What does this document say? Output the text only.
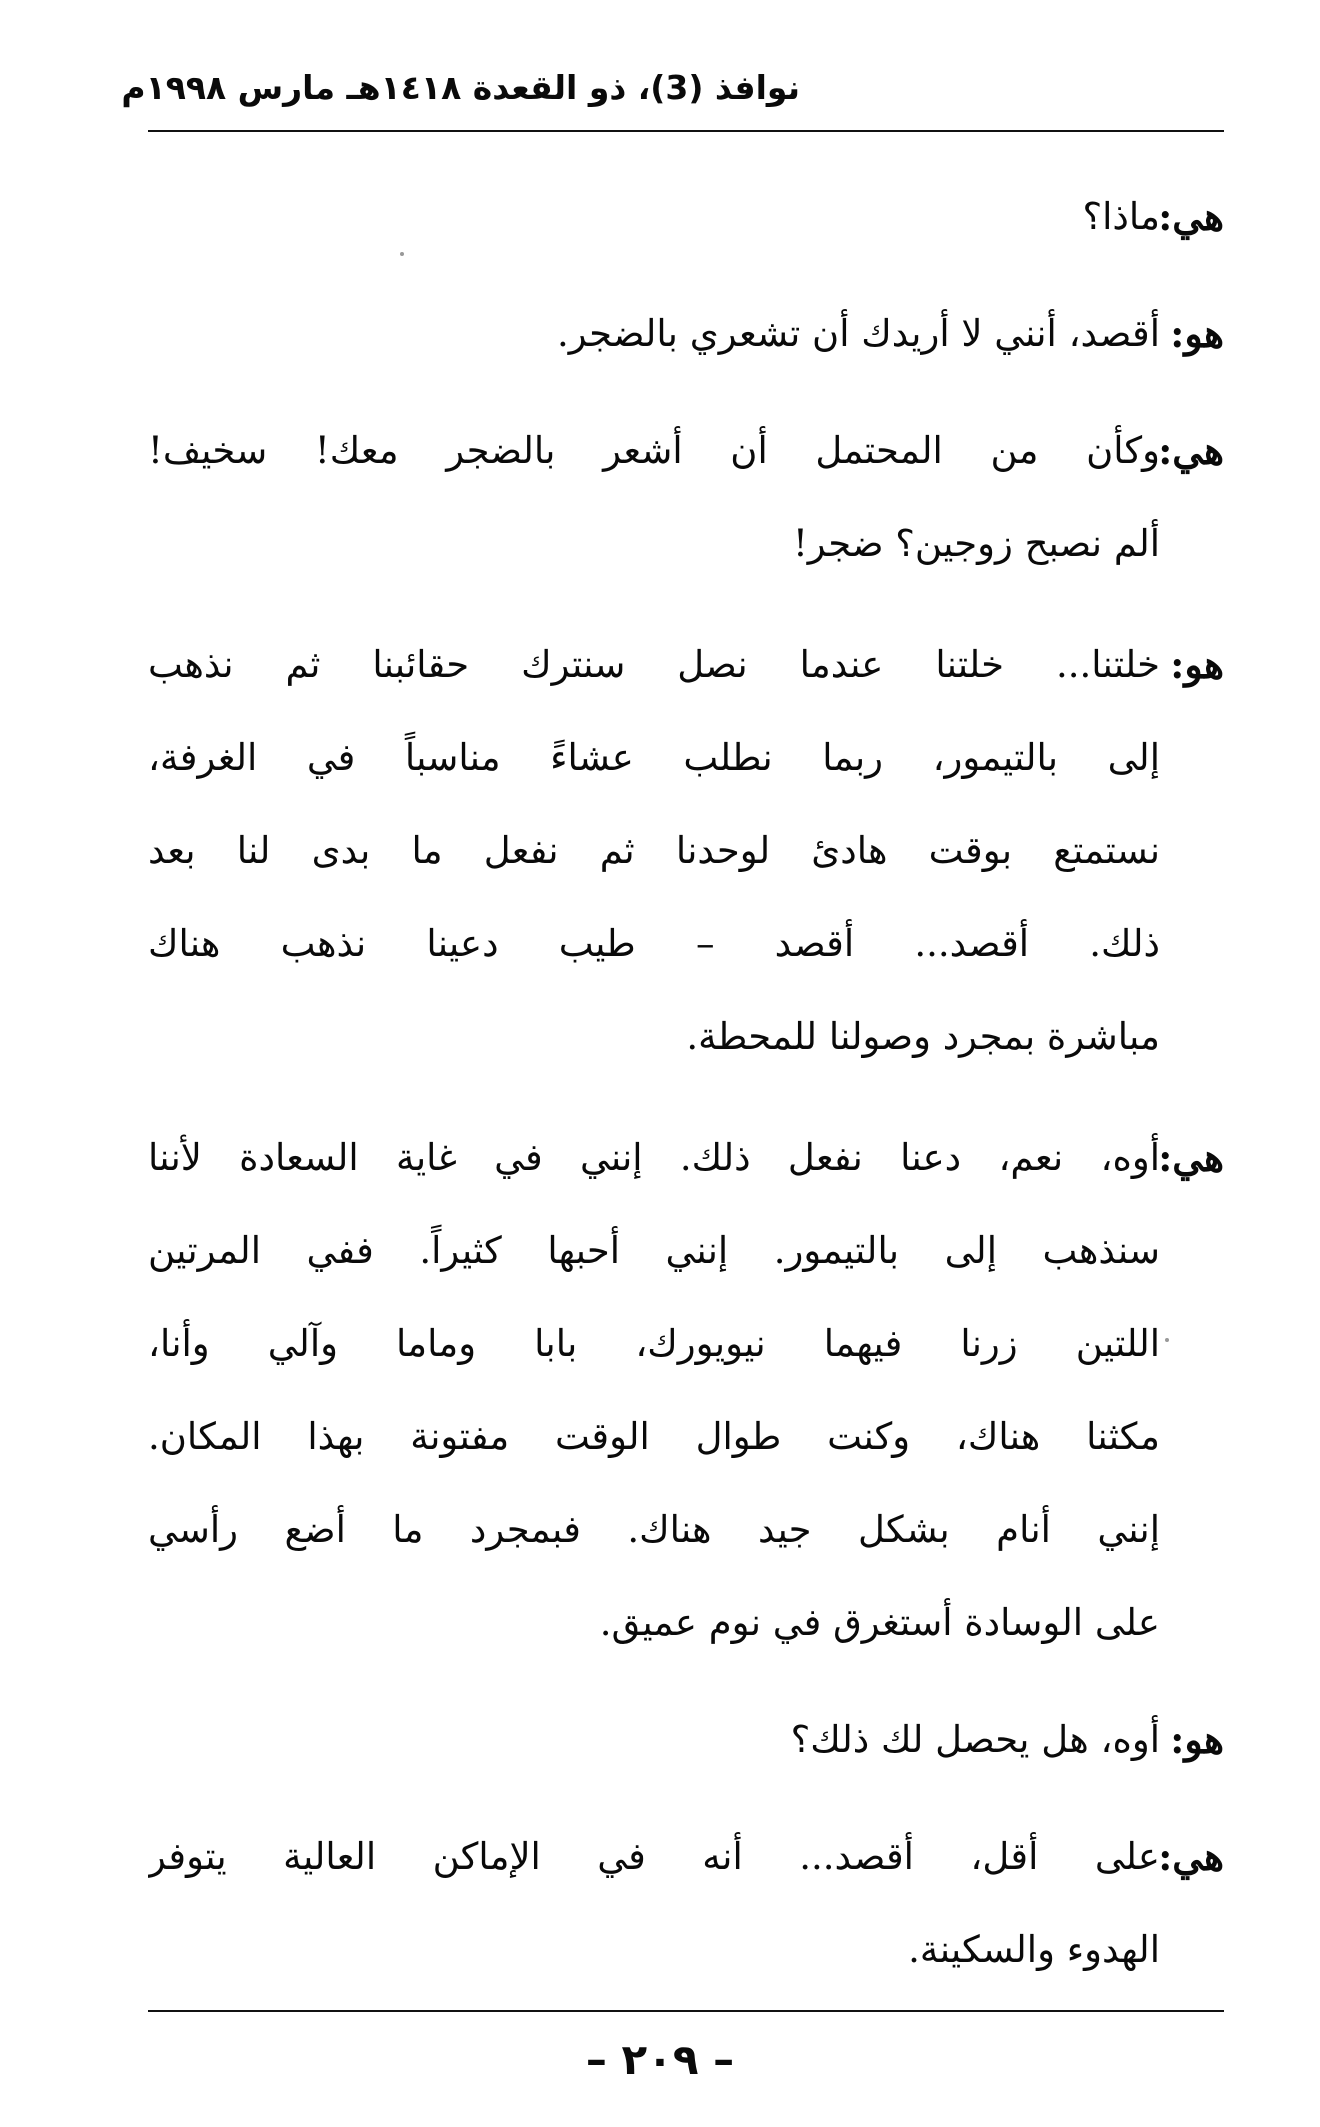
نوافذ (3)، ذو القعدة ١٤١٨هـ مارس ١٩٩٨م
هي:
ماذا؟
هو:
أقصد، أنني لا أريدك أن تشعري بالضجر.
هي:
وكأن من المحتمل أن أشعر بالضجر معك! سخيف!
ألم نصبح زوجين؟ ضجر!
هو:
خلتنا... خلتنا عندما نصل سنترك حقائبنا ثم نذهب
إلى بالتيمور، ربما نطلب عشاءً مناسباً في الغرفة،
نستمتع بوقت هادئ لوحدنا ثم نفعل ما بدى لنا بعد
ذلك. أقصد... أقصد – طيب دعينا نذهب هناك
مباشرة بمجرد وصولنا للمحطة.
هي:
أوه، نعم، دعنا نفعل ذلك. إنني في غاية السعادة لأننا
سنذهب إلى بالتيمور. إنني أحبها كثيراً. ففي المرتين
اللتين زرنا فيهما نيويورك، بابا وماما وآلي وأنا،
مكثنا هناك، وكنت طوال الوقت مفتونة بهذا المكان.
إنني أنام بشكل جيد هناك. فبمجرد ما أضع رأسي
على الوسادة أستغرق في نوم عميق.
هو:
أوه، هل يحصل لك ذلك؟
هي:
على أقل، أقصد... أنه في الإماكن العالية يتوفر
الهدوء والسكينة.
– ٢٠٩ –
